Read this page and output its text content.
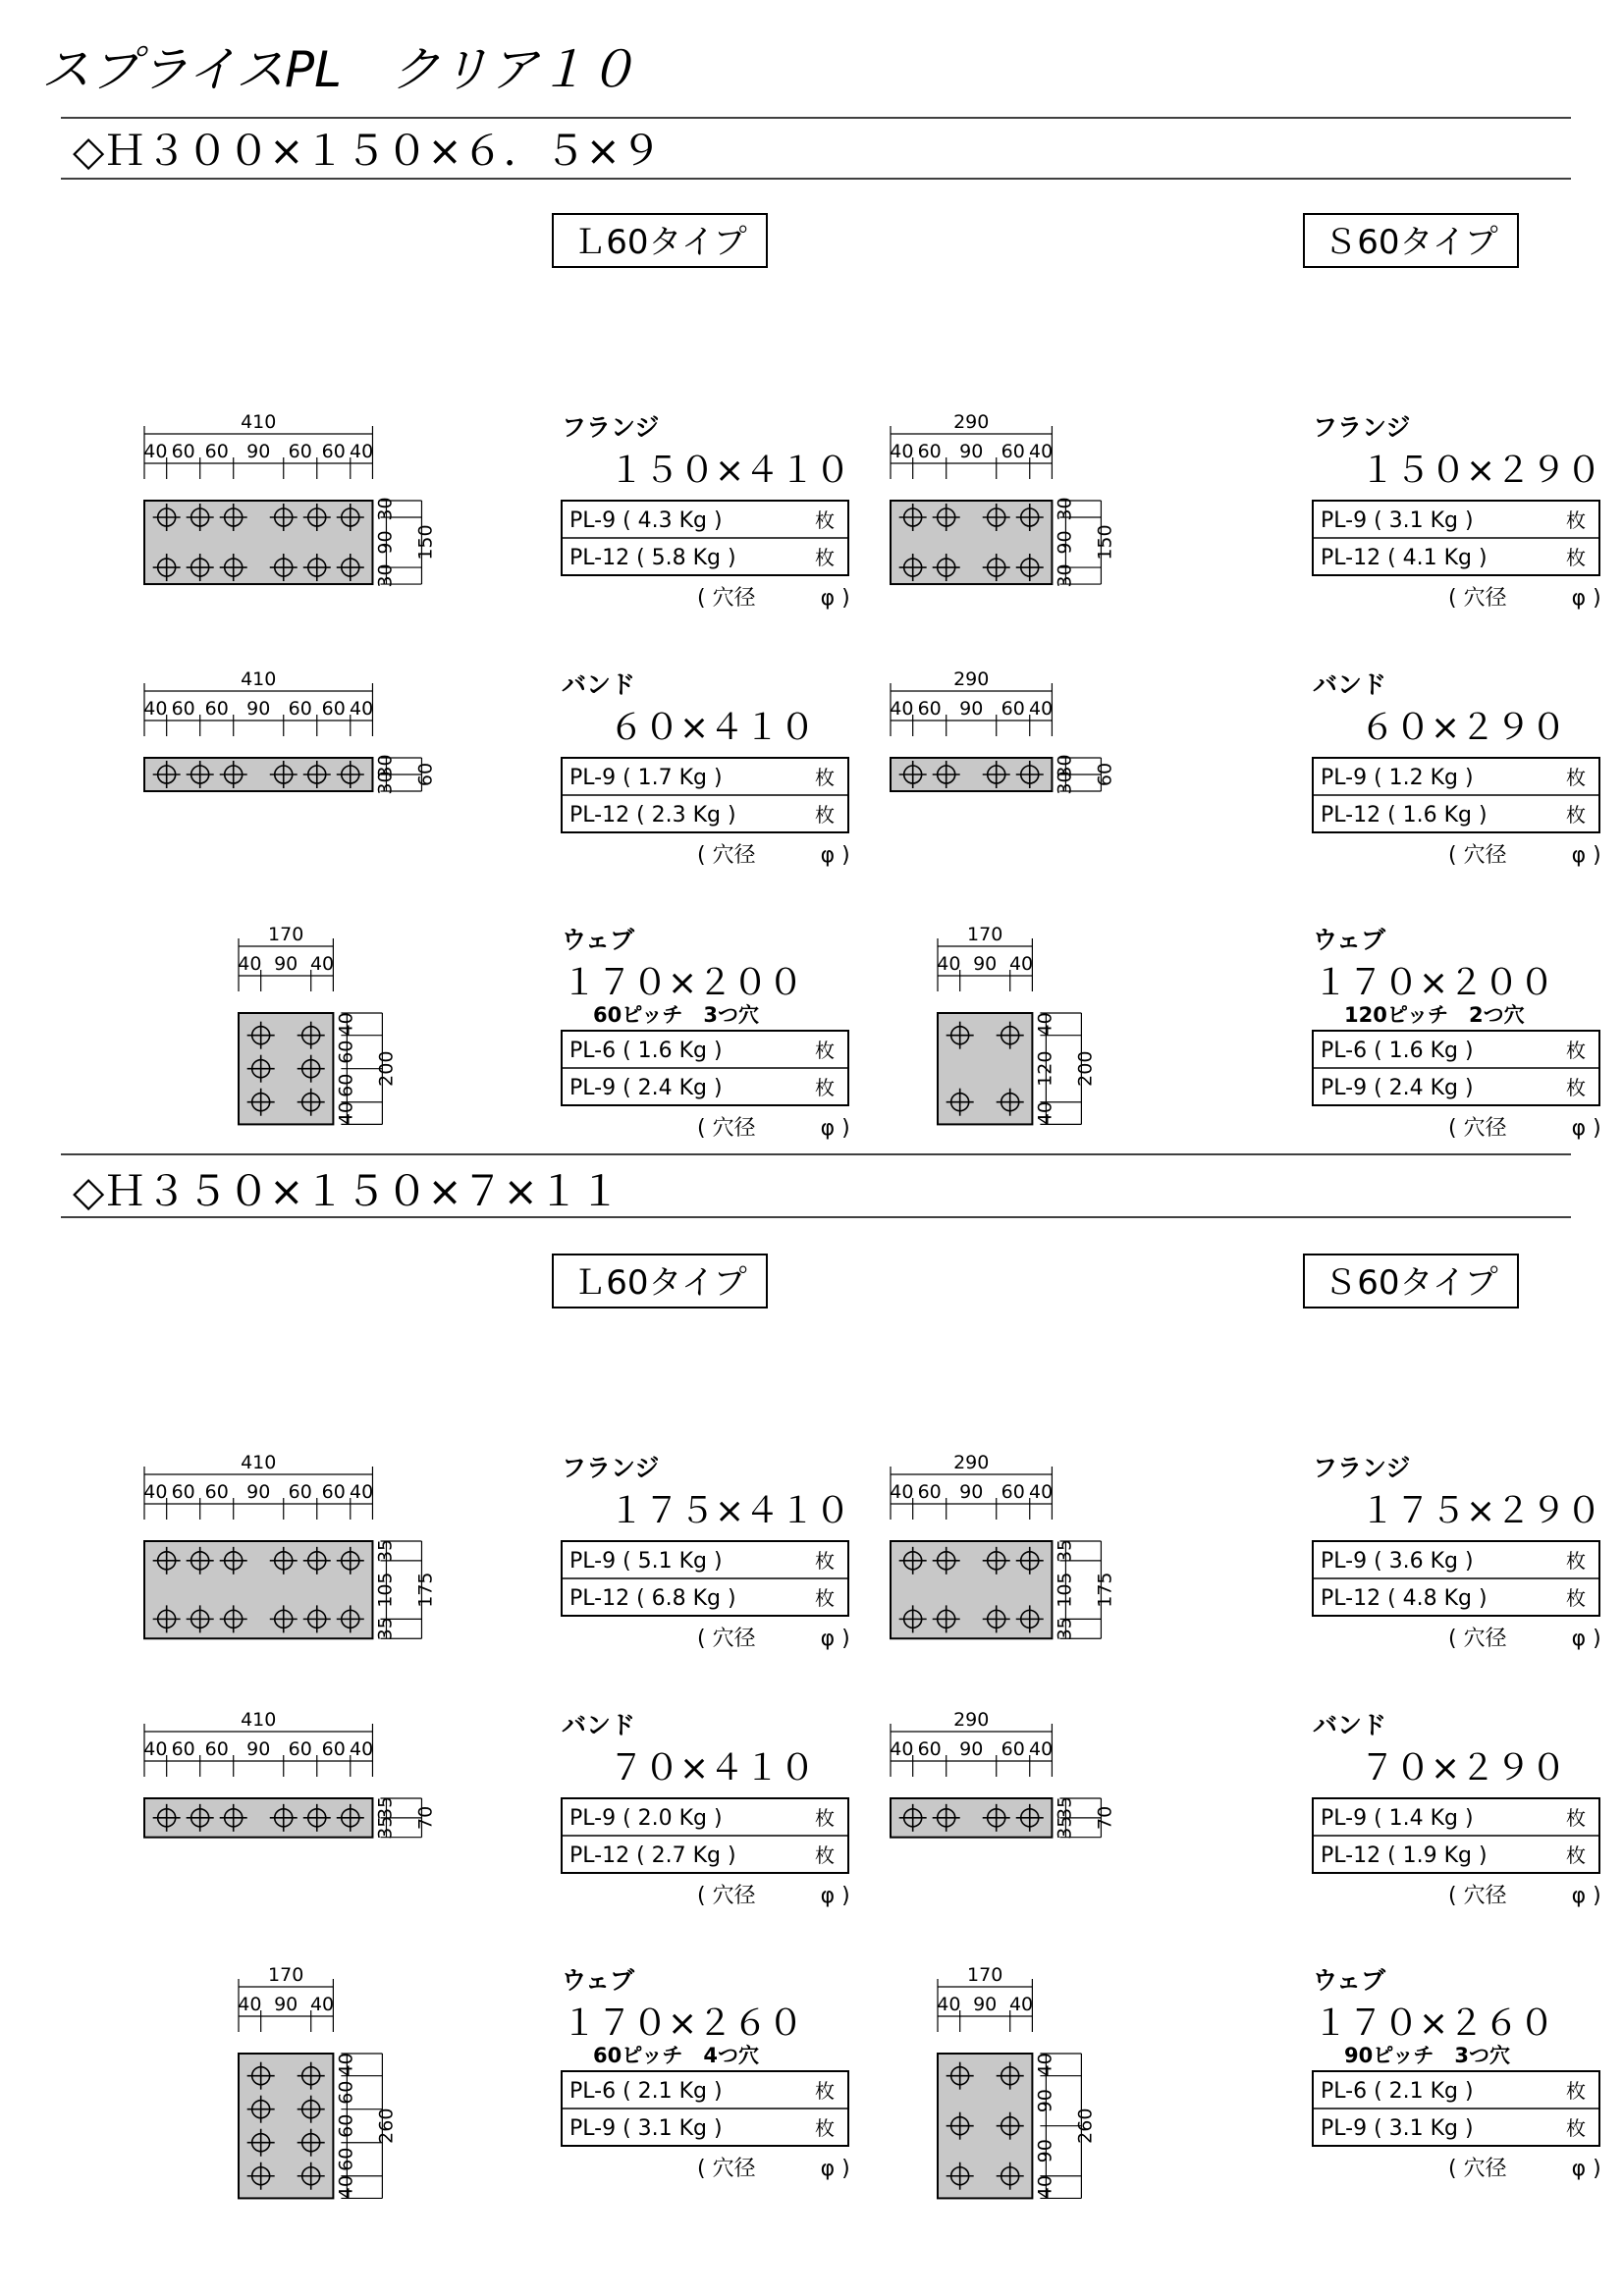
スプライスPL　クリア１０
◇Ｈ３００×１５０×６．５×９
Ｌ60タイプ
410
40 60 60 90 60 60 40
30
90
30
150
フランジ
１５０×４１０
PL-9 ( 4.3 Kg )	枚
PL-12 ( 5.8 Kg )	枚
( 穴径　　　φ )
410
40 60 60 90 60 60 40
30
30 60
バンド
６０×４１０
PL-9 ( 1.7 Kg )	枚
PL-12 ( 2.3 Kg )	枚
( 穴径　　　φ )
170
40 90 40
40
60
60
40
200
ウェブ
１７０×２００
60ピッチ　3つ穴
PL-6 ( 1.6 Kg )	枚
PL-9 ( 2.4 Kg )	枚
( 穴径　　　φ )
Ｓ60タイプ
290
40 60 90 60 40
30
90
30
150
フランジ
１５０×２９０
PL-9 ( 3.1 Kg )	枚
PL-12 ( 4.1 Kg )	枚
( 穴径　　　φ )
290
40 60 90 60 40
30
30 60
バンド
６０×２９０
PL-9 ( 1.2 Kg )	枚
PL-12 ( 1.6 Kg )	枚
( 穴径　　　φ )
170
40 90 40
40
120
40
200
ウェブ
１７０×２００
120ピッチ　2つ穴
PL-6 ( 1.6 Kg )	枚
PL-9 ( 2.4 Kg )	枚
( 穴径　　　φ )
◇Ｈ３５０×１５０×７×１１
Ｌ60タイプ
410
40 60 60 90 60 60 40
35
105
35
175
フランジ
１７５×４１０
PL-9 ( 5.1 Kg )	枚
PL-12 ( 6.8 Kg )	枚
( 穴径　　　φ )
410
40 60 60 90 60 60 40
35
35 70
バンド
７０×４１０
PL-9 ( 2.0 Kg )	枚
PL-12 ( 2.7 Kg )	枚
( 穴径　　　φ )
170
40 90 40
40
60
60
60
40
260
ウェブ
１７０×２６０
60ピッチ　4つ穴
PL-6 ( 2.1 Kg )	枚
PL-9 ( 3.1 Kg )	枚
( 穴径　　　φ )
Ｓ60タイプ
290
40 60 90 60 40
35
105
35
175
フランジ
１７５×２９０
PL-9 ( 3.6 Kg )	枚
PL-12 ( 4.8 Kg )	枚
( 穴径　　　φ )
290
40 60 90 60 40
35
35 70
バンド
７０×２９０
PL-9 ( 1.4 Kg )	枚
PL-12 ( 1.9 Kg )	枚
( 穴径　　　φ )
170
40 90 40
40
90
90
40
260
ウェブ
１７０×２６０
90ピッチ　3つ穴
PL-6 ( 2.1 Kg )	枚
PL-9 ( 3.1 Kg )	枚
( 穴径　　　φ )
